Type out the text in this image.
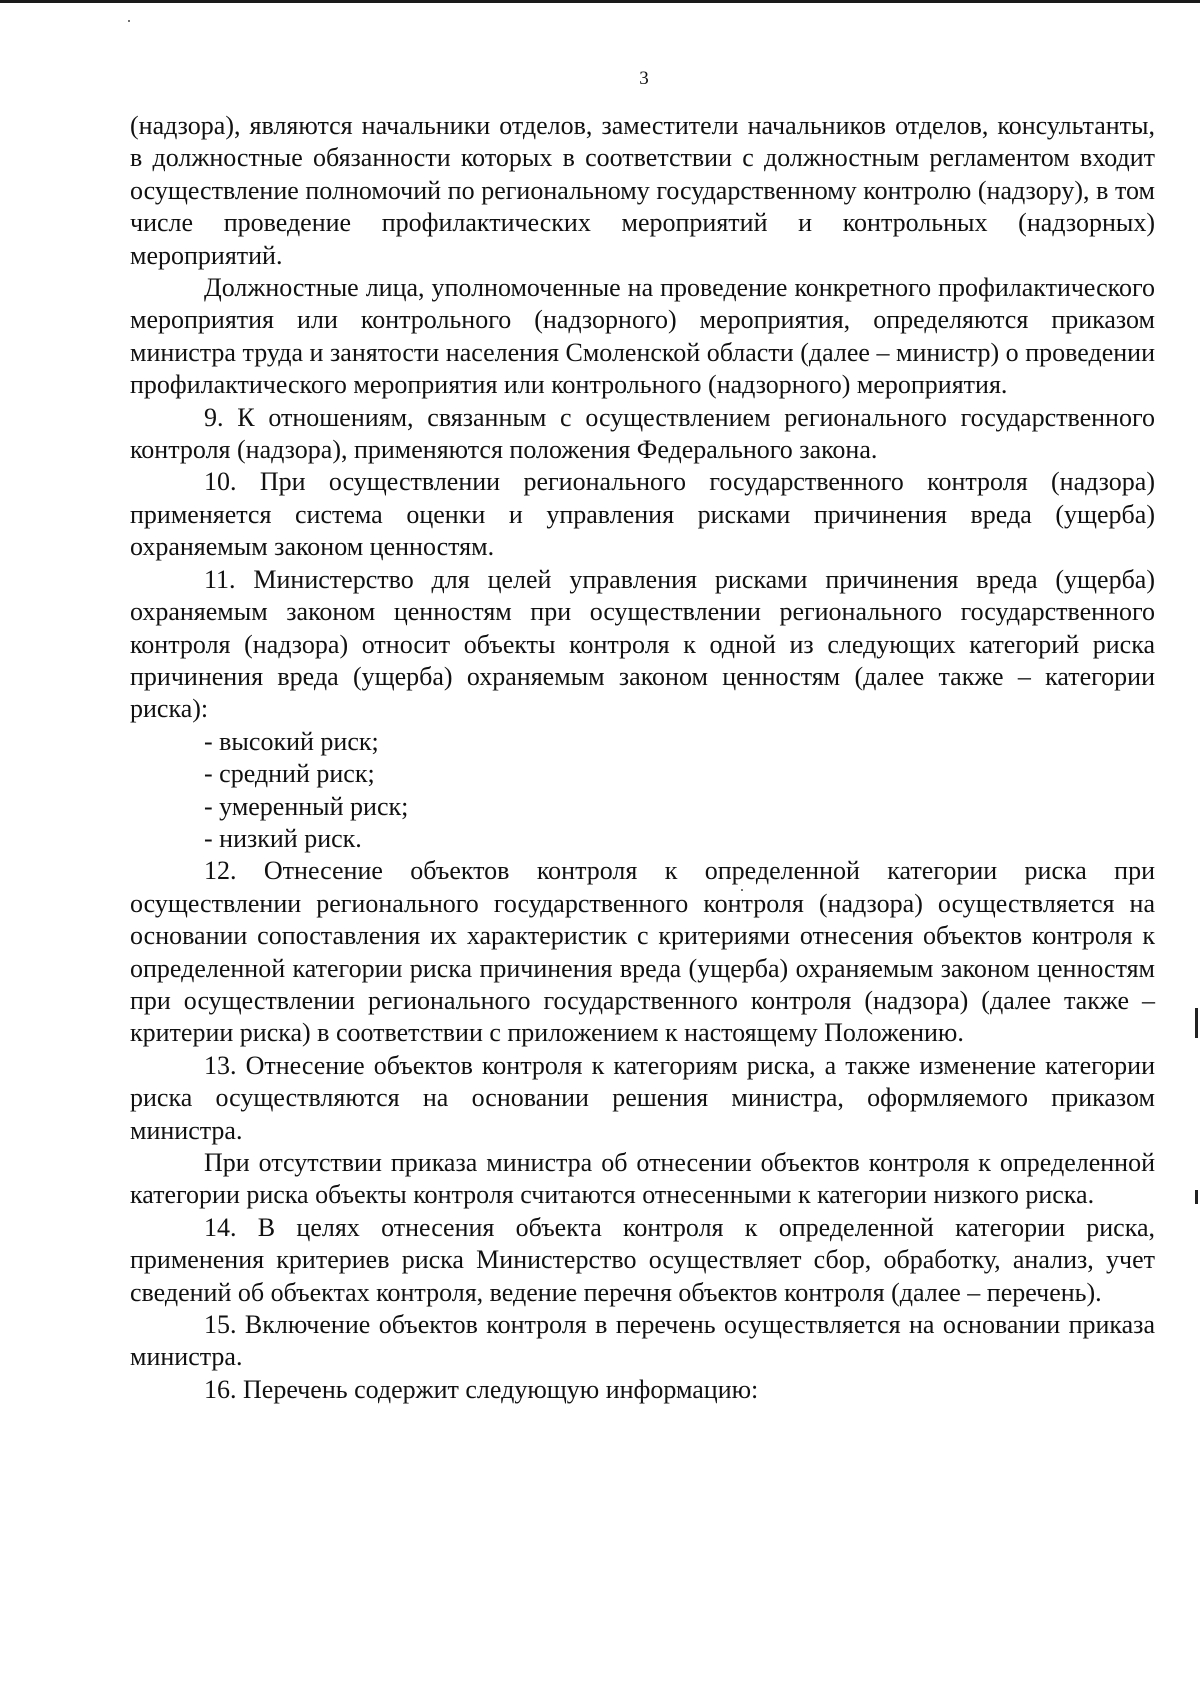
3

(надзора), являются начальники отделов, заместители начальников отделов, консультанты, в должностные обязанности которых в соответствии с должностным регламентом входит осуществление полномочий по региональному государственному контролю (надзору), в том числе проведение профилактических мероприятий и контрольных (надзорных) мероприятий.

Должностные лица, уполномоченные на проведение конкретного профилактического мероприятия или контрольного (надзорного) мероприятия, определяются приказом министра труда и занятости населения Смоленской области (далее – министр) о проведении профилактического мероприятия или контрольного (надзорного) мероприятия.

9. К отношениям, связанным с осуществлением регионального государственного контроля (надзора), применяются положения Федерального закона.

10. При осуществлении регионального государственного контроля (надзора) применяется система оценки и управления рисками причинения вреда (ущерба) охраняемым законом ценностям.

11. Министерство для целей управления рисками причинения вреда (ущерба) охраняемым законом ценностям при осуществлении регионального государственного контроля (надзора) относит объекты контроля к одной из следующих категорий риска причинения вреда (ущерба) охраняемым законом ценностям (далее также – категории риска):

- высокий риск;

- средний риск;

- умеренный риск;

- низкий риск.

12. Отнесение объектов контроля к определенной категории риска при осуществлении регионального государственного контроля (надзора) осуществляется на основании сопоставления их характеристик с критериями отнесения объектов контроля к определенной категории риска причинения вреда (ущерба) охраняемым законом ценностям при осуществлении регионального государственного контроля (надзора) (далее также – критерии риска) в соответствии с приложением к настоящему Положению.

13. Отнесение объектов контроля к категориям риска, а также изменение категории риска осуществляются на основании решения министра, оформляемого приказом министра.

При отсутствии приказа министра об отнесении объектов контроля к определенной категории риска объекты контроля считаются отнесенными к категории низкого риска.

14. В целях отнесения объекта контроля к определенной категории риска, применения критериев риска Министерство осуществляет сбор, обработку, анализ, учет сведений об объектах контроля, ведение перечня объектов контроля (далее – перечень).

15. Включение объектов контроля в перечень осуществляется на основании приказа министра.

16. Перечень содержит следующую информацию:
